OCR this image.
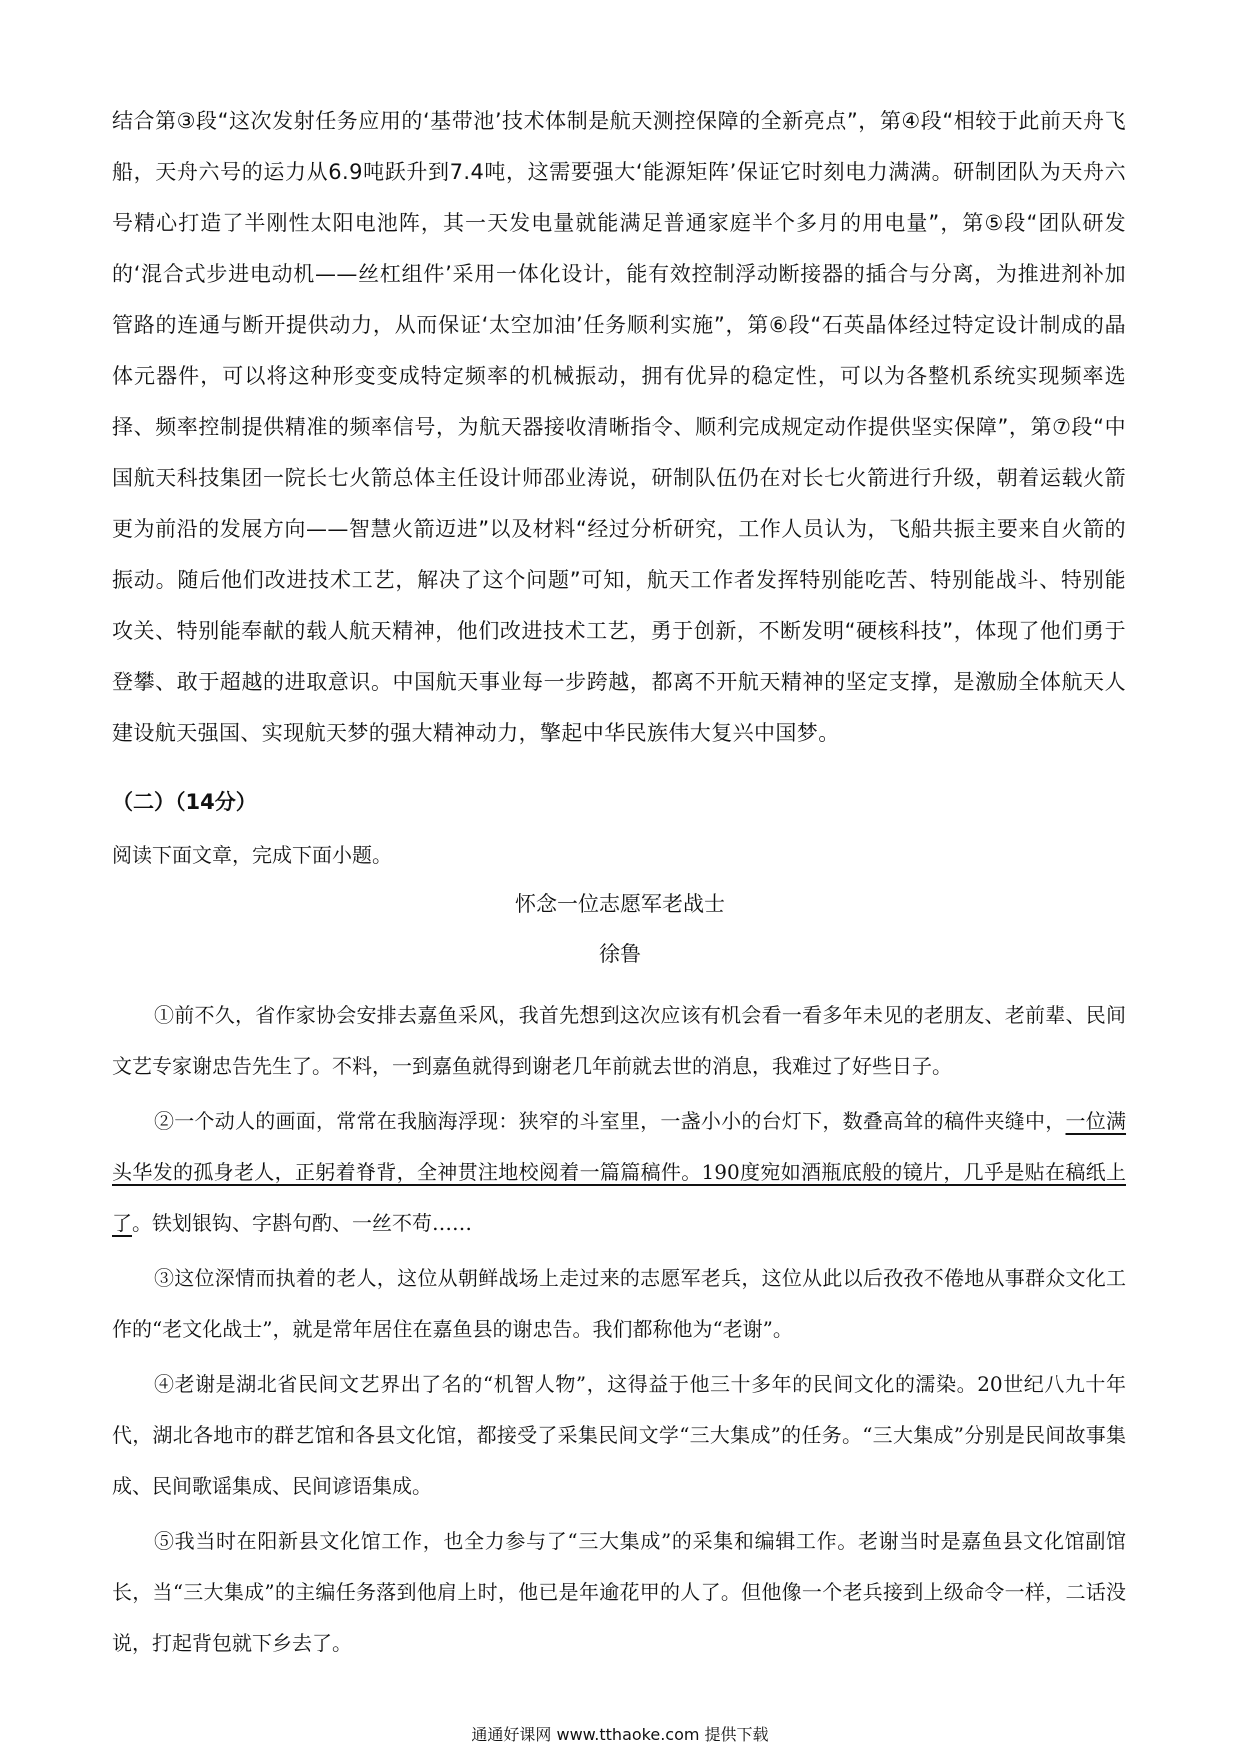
结合第③段“这次发射任务应用的‘基带池’技术体制是航天测控保障的全新亮点”，第④段“相较于此前天舟飞船，天舟六号的运力从6.9吨跃升到7.4吨，这需要强大‘能源矩阵’保证它时刻电力满满。研制团队为天舟六号精心打造了半刚性太阳电池阵，其一天发电量就能满足普通家庭半个多月的用电量”，第⑤段“团队研发的‘混合式步进电动机——丝杠组件’采用一体化设计，能有效控制浮动断接器的插合与分离，为推进剂补加管路的连通与断开提供动力，从而保证‘太空加油’任务顺利实施”，第⑥段“石英晶体经过特定设计制成的晶体元器件，可以将这种形变变成特定频率的机械振动，拥有优异的稳定性，可以为各整机系统实现频率选择、频率控制提供精准的频率信号，为航天器接收清晰指令、顺利完成规定动作提供坚实保障”，第⑦段“中国航天科技集团一院长七火箭总体主任设计师邵业涛说，研制队伍仍在对长七火箭进行升级，朝着运载火箭更为前沿的发展方向——智慧火箭迈进”以及材料“经过分析研究，工作人员认为，飞船共振主要来自火箭的振动。随后他们改进技术工艺，解决了这个问题”可知，航天工作者发挥特别能吃苦、特别能战斗、特别能攻关、特别能奉献的载人航天精神，他们改进技术工艺，勇于创新，不断发明“硬核科技”，体现了他们勇于登攀、敢于超越的进取意识。中国航天事业每一步跨越，都离不开航天精神的坚定支撑，是激励全体航天人建设航天强国、实现航天梦的强大精神动力，擎起中华民族伟大复兴中国梦。
（二）（14分）
阅读下面文章，完成下面小题。
怀念一位志愿军老战士
徐鲁

①前不久，省作家协会安排去嘉鱼采风，我首先想到这次应该有机会看一看多年未见的老朋友、老前辈、民间文艺专家谢忠告先生了。不料，一到嘉鱼就得到谢老几年前就去世的消息，我难过了好些日子。

②一个动人的画面，常常在我脑海浮现：狭窄的斗室里，一盏小小的台灯下，数叠高耸的稿件夹缝中，一位满头华发的孤身老人，正躬着脊背，全神贯注地校阅着一篇篇稿件。190度宛如酒瓶底般的镜片，几乎是贴在稿纸上了。铁划银钩、字斟句酌、一丝不苟……

③这位深情而执着的老人，这位从朝鲜战场上走过来的志愿军老兵，这位从此以后孜孜不倦地从事群众文化工作的“老文化战士”，就是常年居住在嘉鱼县的谢忠告。我们都称他为“老谢”。

④老谢是湖北省民间文艺界出了名的“机智人物”，这得益于他三十多年的民间文化的濡染。20世纪八九十年代，湖北各地市的群艺馆和各县文化馆，都接受了采集民间文学“三大集成”的任务。“三大集成”分别是民间故事集成、民间歌谣集成、民间谚语集成。

⑤我当时在阳新县文化馆工作，也全力参与了“三大集成”的采集和编辑工作。老谢当时是嘉鱼县文化馆副馆长，当“三大集成”的主编任务落到他肩上时，他已是年逾花甲的人了。但他像一个老兵接到上级命令一样，二话没说，打起背包就下乡去了。

通通好课网 www.tthaoke.com 提供下载
